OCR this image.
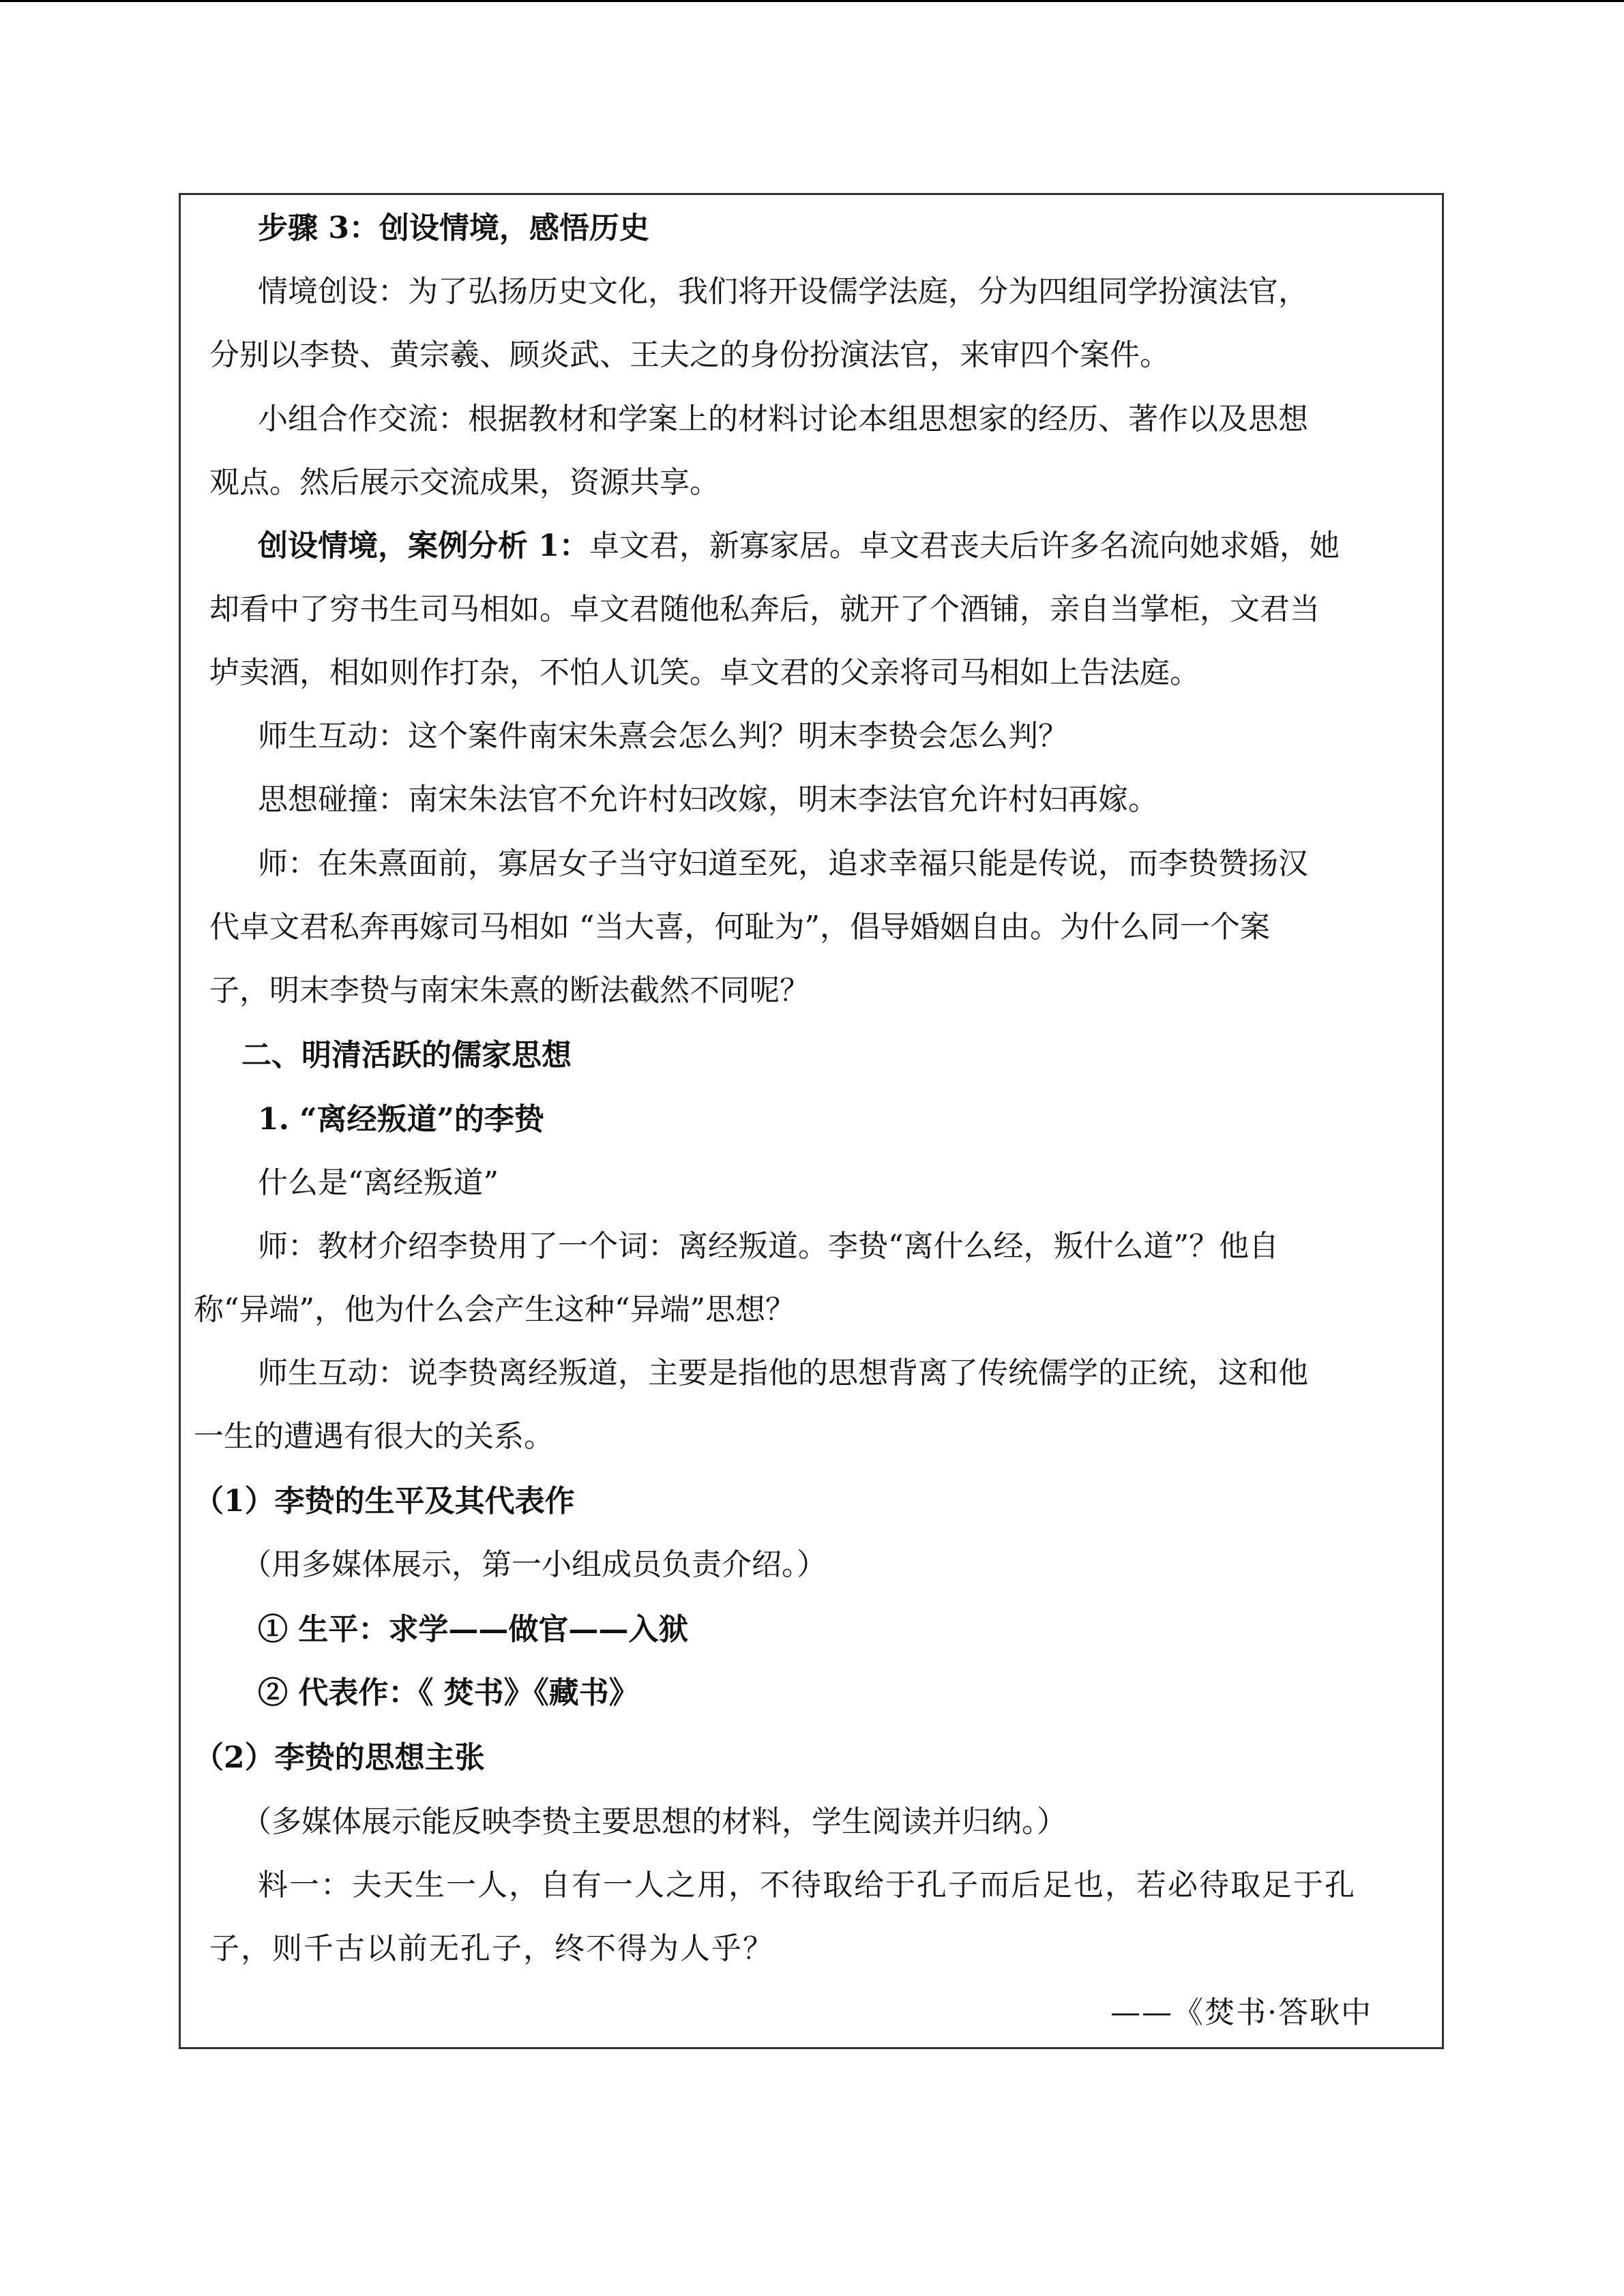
步骤 3：创设情境，感悟历史
情境创设：为了弘扬历史文化，我们将开设儒学法庭，分为四组同学扮演法官，
分别以李贽、黄宗羲、顾炎武、王夫之的身份扮演法官，来审四个案件。
小组合作交流：根据教材和学案上的材料讨论本组思想家的经历、著作以及思想
观点。然后展示交流成果，资源共享。
创设情境，案例分析 1：卓文君，新寡家居。卓文君丧夫后许多名流向她求婚，她
却看中了穷书生司马相如。卓文君随他私奔后，就开了个酒铺，亲自当掌柜，文君当
垆卖酒，相如则作打杂，不怕人讥笑。卓文君的父亲将司马相如上告法庭。
师生互动：这个案件南宋朱熹会怎么判？明末李贽会怎么判？
思想碰撞：南宋朱法官不允许村妇改嫁，明末李法官允许村妇再嫁。
师：在朱熹面前，寡居女子当守妇道至死，追求幸福只能是传说，而李贽赞扬汉
代卓文君私奔再嫁司马相如 “当大喜，何耻为”，倡导婚姻自由。为什么同一个案
子，明末李贽与南宋朱熹的断法截然不同呢？
二、明清活跃的儒家思想
1. “离经叛道”的李贽
什么是“离经叛道”
师：教材介绍李贽用了一个词：离经叛道。李贽“离什么经，叛什么道”？他自
称“异端”，他为什么会产生这种“异端”思想？
师生互动：说李贽离经叛道，主要是指他的思想背离了传统儒学的正统，这和他
一生的遭遇有很大的关系。
（1）李贽的生平及其代表作
（用多媒体展示，第一小组成员负责介绍。）
① 生平：求学——做官——入狱
② 代表作：《 焚书》《藏书》
（2）李贽的思想主张
（多媒体展示能反映李贽主要思想的材料，学生阅读并归纳。）
料一：夫天生一人，自有一人之用，不待取给于孔子而后足也，若必待取足于孔
子，则千古以前无孔子，终不得为人乎？
——《焚书·答耿中
